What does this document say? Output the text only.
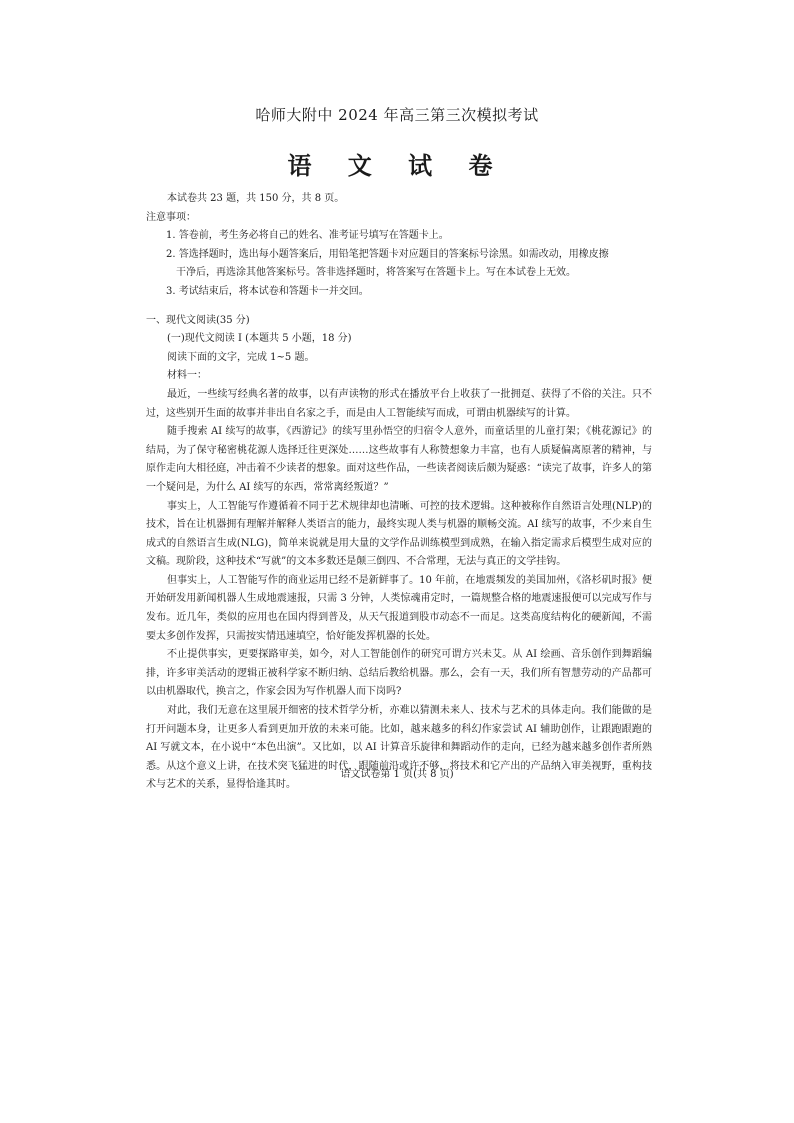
哈师大附中 2024 年高三第三次模拟考试
语 文 试 卷
本试卷共 23 题，共 150 分，共 8 页。
注意事项：
1. 答卷前，考生务必将自己的姓名、准考证号填写在答题卡上。
2. 答选择题时，选出每小题答案后，用铅笔把答题卡对应题目的答案标号涂黑。如需改动，用橡皮擦
干净后，再选涂其他答案标号。答非选择题时，将答案写在答题卡上。写在本试卷上无效。
3. 考试结束后，将本试卷和答题卡一并交回。
一、现代文阅读(35 分)
(一)现代文阅读 I (本题共 5 小题，18 分)
阅读下面的文字，完成 1~5 题。
材料一：

最近，一些续写经典名著的故事，以有声读物的形式在播放平台上收获了一批拥趸、获得了不俗的关注。只不过，这些别开生面的故事并非出自名家之手，而是由人工智能续写而成，可谓由机器续写的计算。

随手搜索 AI 续写的故事，《西游记》的续写里孙悟空的归宿令人意外，而童话里的儿童打架；《桃花源记》的结局，为了保守秘密桃花源人选择迁往更深处……这些故事有人称赞想象力丰富，也有人质疑偏离原著的精神，与原作走向大相径庭，冲击着不少读者的想象。面对这些作品，一些读者阅读后颇为疑惑：“读完了故事，许多人的第一个疑问是，为什么 AI 续写的东西，常常离经叛道？”

事实上，人工智能写作遵循着不同于艺术规律却也清晰、可控的技术逻辑。这种被称作自然语言处理(NLP)的技术，旨在让机器拥有理解并解释人类语言的能力，最终实现人类与机器的顺畅交流。AI 续写的故事，不少来自生成式的自然语言生成(NLG)，简单来说就是用大量的文学作品训练模型到成熟，在输入指定需求后模型生成对应的文稿。现阶段，这种技术“写就”的文本多数还是颠三倒四、不合常理，无法与真正的文学挂钩。

但事实上，人工智能写作的商业运用已经不是新鲜事了。10 年前，在地震频发的美国加州，《洛杉矶时报》便开始研发用新闻机器人生成地震速报，只需 3 分钟，人类惊魂甫定时，一篇规整合格的地震速报便可以完成写作与发布。近几年，类似的应用也在国内得到普及，从天气报道到股市动态不一而足。这类高度结构化的硬新闻，不需要太多创作发挥，只需按实情迅速填空，恰好能发挥机器的长处。

不止提供事实，更要探路审美，如今，对人工智能创作的研究可谓方兴未艾。从 AI 绘画、音乐创作到舞蹈编排，许多审美活动的逻辑正被科学家不断归纳、总结后教给机器。那么，会有一天，我们所有智慧劳动的产品都可以由机器取代，换言之，作家会因为写作机器人而下岗吗?

对此，我们无意在这里展开细密的技术哲学分析，亦难以猜测未来人、技术与艺术的具体走向。我们能做的是打开问题本身，让更多人看到更加开放的未来可能。比如，越来越多的科幻作家尝试 AI 辅助创作，让跟跑跟跑的 AI 写就文本，在小说中“本色出演”。又比如，以 AI 计算音乐旋律和舞蹈动作的走向，已经为越来越多创作者所熟悉。从这个意义上讲，在技术突飞猛进的时代，跟随前沿或许不够，将技术和它产出的产品纳入审美视野，重构技术与艺术的关系，显得恰逢其时。

语文试卷第 1 页(共 8 页)
